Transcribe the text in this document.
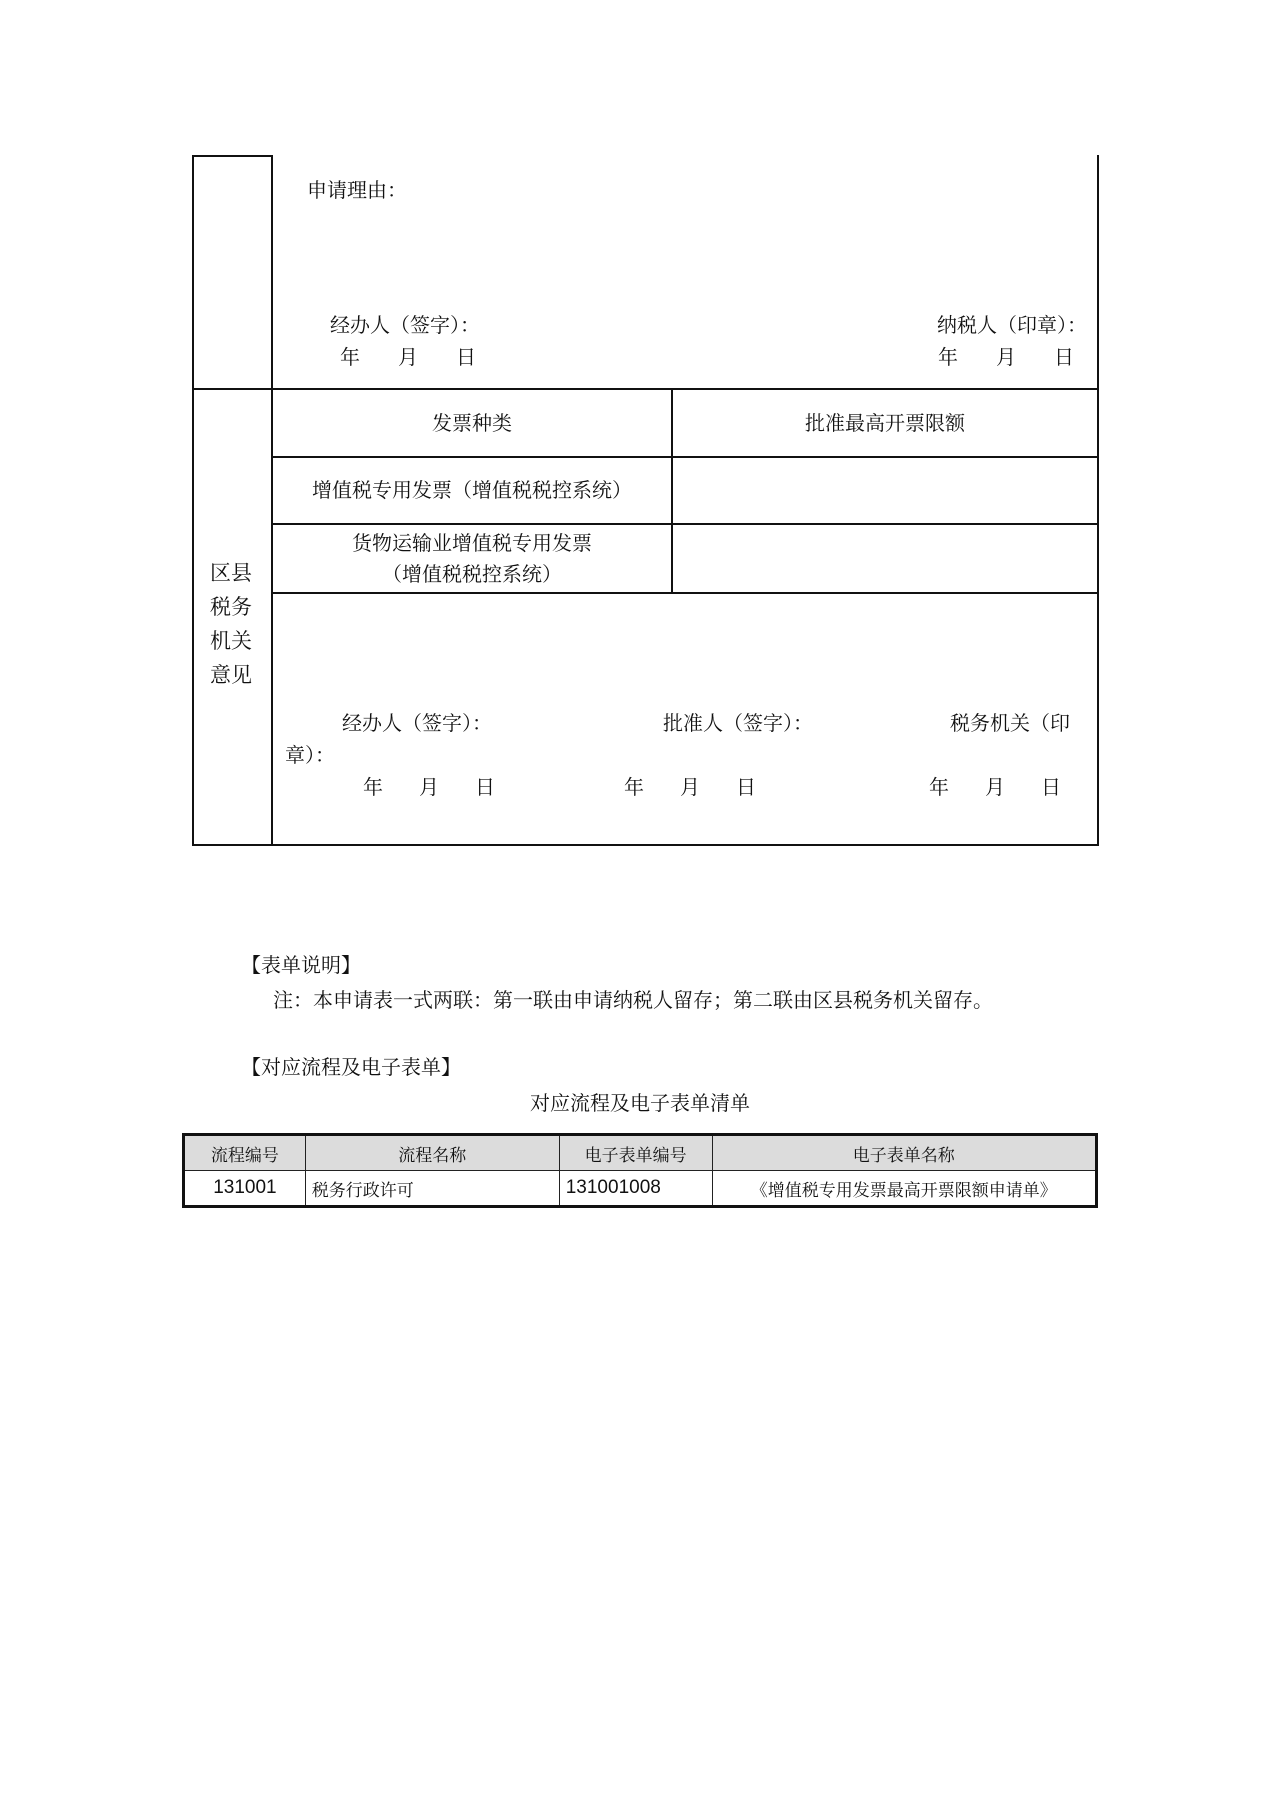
申请理由：
经办人（签字）：
年 月 日
纳税人（印章）：
年 月 日
区县
税务
机关
意见
发票种类	批准最高开票限额
增值税专用发票（增值税税控系统）
货物运输业增值税专用发票
（增值税税控系统）
经办人（签字）：	批准人（签字）：	税务机关（印
章）：
年 月 日	年 月 日	年 月 日
【表单说明】
注：本申请表一式两联：第一联由申请纳税人留存；第二联由区县税务机关留存。
【对应流程及电子表单】
对应流程及电子表单清单
流程编号	流程名称	电子表单编号	电子表单名称
131001	税务行政许可	131001008	《增值税专用发票最高开票限额申请单》
